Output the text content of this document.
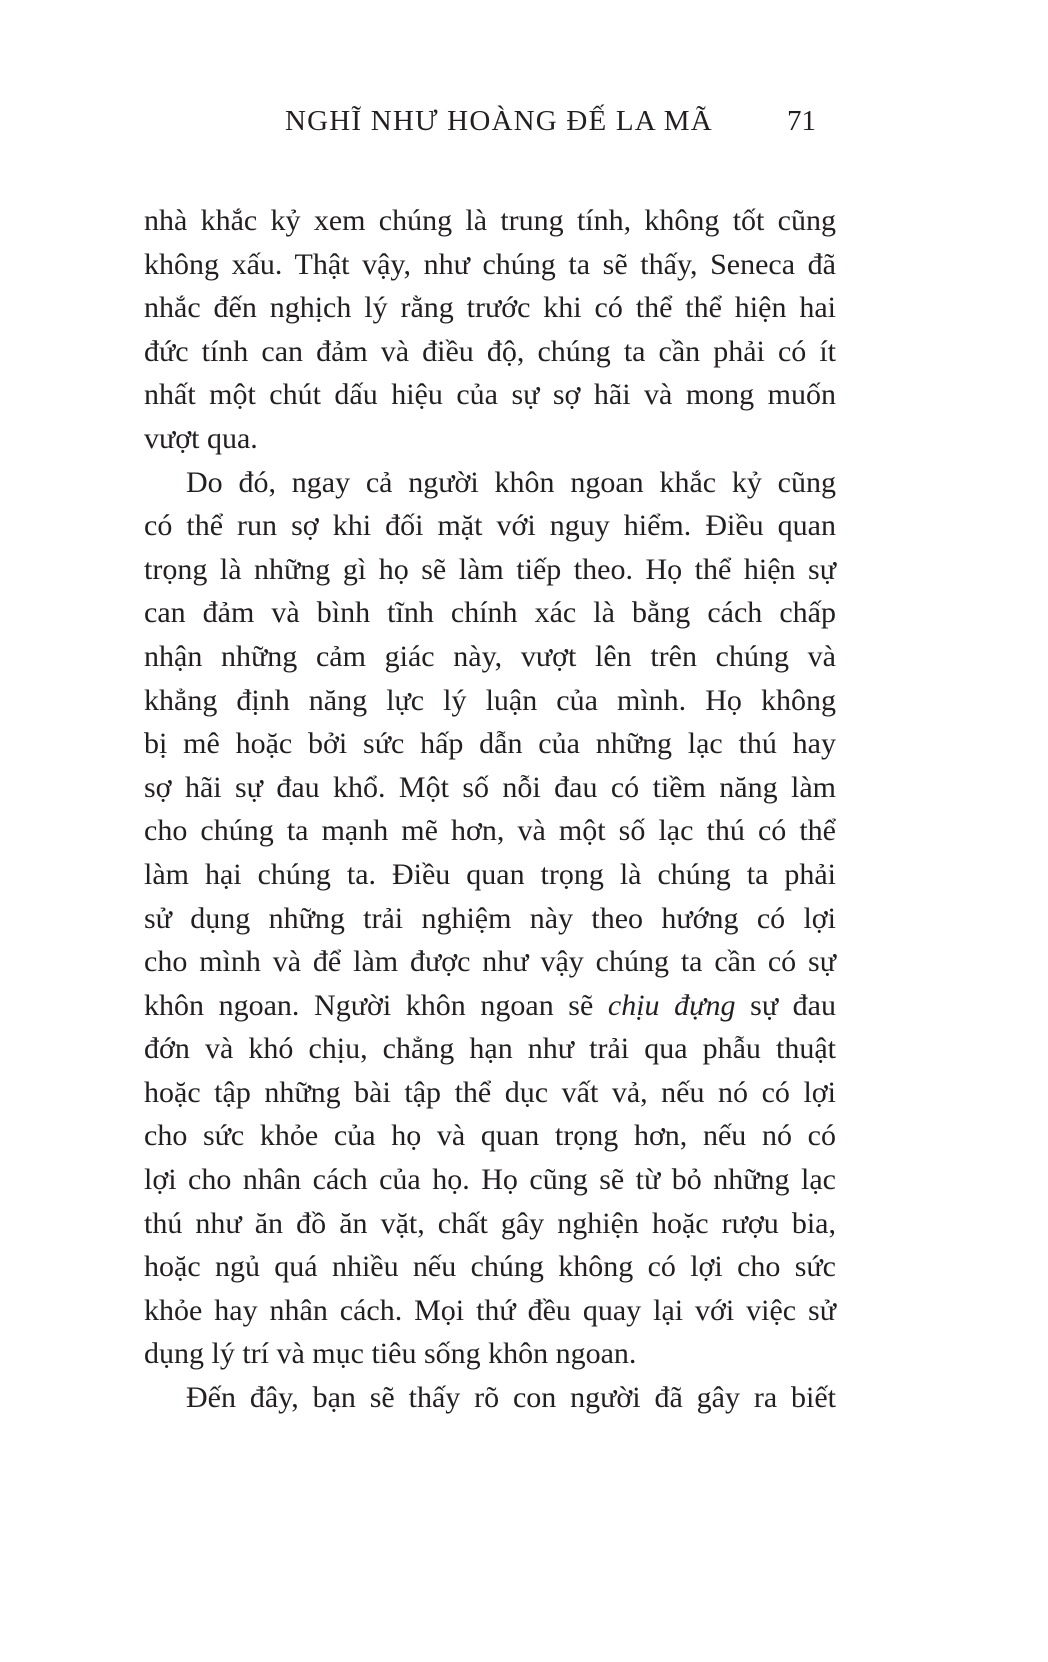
NGHĨ NHƯ HOÀNG ĐẾ LA MÃ	71
nhà khắc kỷ xem chúng là trung tính, không tốt cũng
không xấu. Thật vậy, như chúng ta sẽ thấy, Seneca đã
nhắc đến nghịch lý rằng trước khi có thể thể hiện hai
đức tính can đảm và điều độ, chúng ta cần phải có ít
nhất một chút dấu hiệu của sự sợ hãi và mong muốn
vượt qua.
Do đó, ngay cả người khôn ngoan khắc kỷ cũng
có thể run sợ khi đối mặt với nguy hiểm. Điều quan
trọng là những gì họ sẽ làm tiếp theo. Họ thể hiện sự
can đảm và bình tĩnh chính xác là bằng cách chấp
nhận những cảm giác này, vượt lên trên chúng và
khẳng định năng lực lý luận của mình. Họ không
bị mê hoặc bởi sức hấp dẫn của những lạc thú hay
sợ hãi sự đau khổ. Một số nỗi đau có tiềm năng làm
cho chúng ta mạnh mẽ hơn, và một số lạc thú có thể
làm hại chúng ta. Điều quan trọng là chúng ta phải
sử dụng những trải nghiệm này theo hướng có lợi
cho mình và để làm được như vậy chúng ta cần có sự
khôn ngoan. Người khôn ngoan sẽ chịu đựng sự đau
đớn và khó chịu, chẳng hạn như trải qua phẫu thuật
hoặc tập những bài tập thể dục vất vả, nếu nó có lợi
cho sức khỏe của họ và quan trọng hơn, nếu nó có
lợi cho nhân cách của họ. Họ cũng sẽ từ bỏ những lạc
thú như ăn đồ ăn vặt, chất gây nghiện hoặc rượu bia,
hoặc ngủ quá nhiều nếu chúng không có lợi cho sức
khỏe hay nhân cách. Mọi thứ đều quay lại với việc sử
dụng lý trí và mục tiêu sống khôn ngoan.
Đến đây, bạn sẽ thấy rõ con người đã gây ra biết
